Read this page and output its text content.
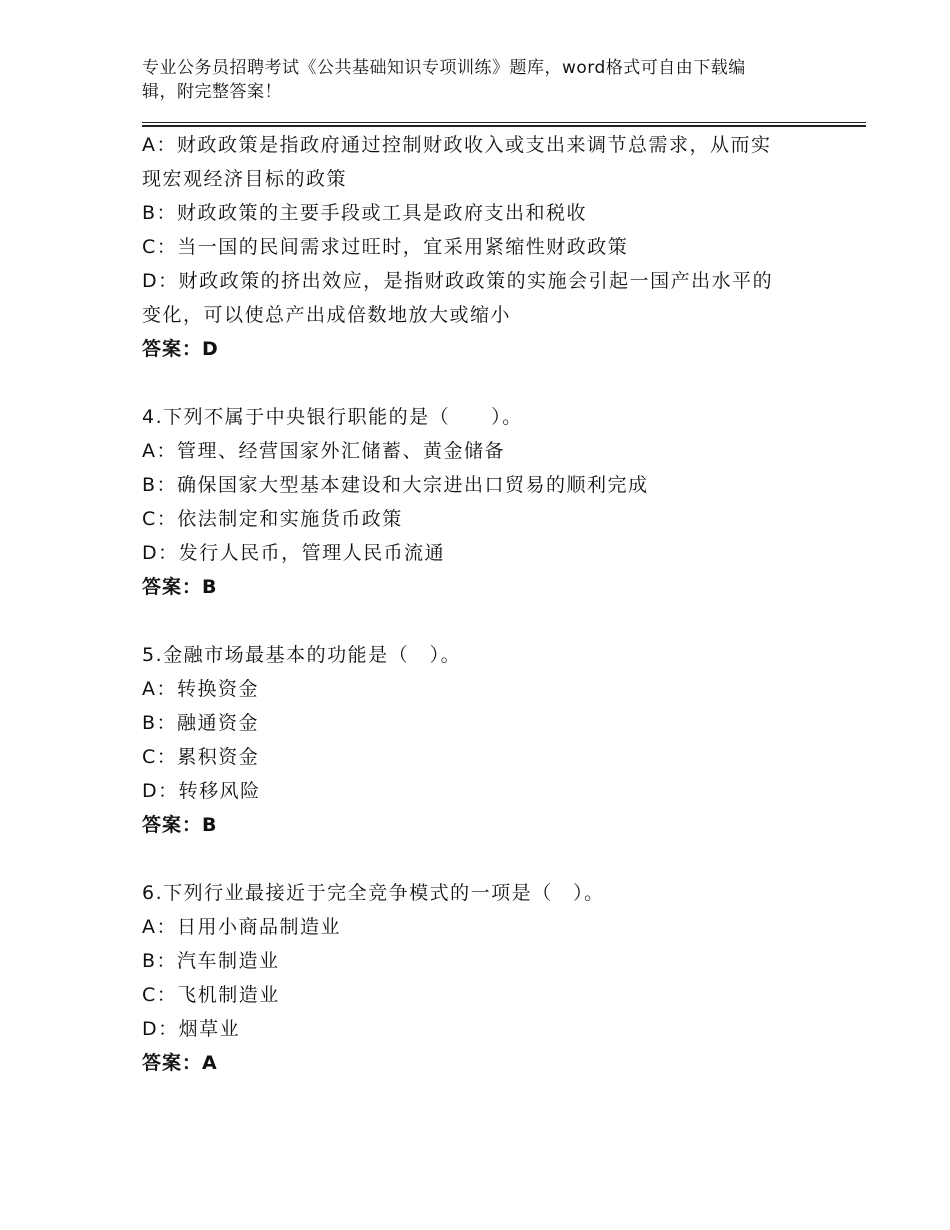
专业公务员招聘考试《公共基础知识专项训练》题库，word格式可自由下载编
辑，附完整答案！
A：财政政策是指政府通过控制财政收入或支出来调节总需求，从而实
现宏观经济目标的政策
B：财政政策的主要手段或工具是政府支出和税收
C：当一国的民间需求过旺时，宜采用紧缩性财政政策
D：财政政策的挤出效应，是指财政政策的实施会引起一国产出水平的
变化，可以使总产出成倍数地放大或缩小
答案：D
4.下列不属于中央银行职能的是（　　）。
A：管理、经营国家外汇储蓄、黄金储备
B：确保国家大型基本建设和大宗进出口贸易的顺利完成
C：依法制定和实施货币政策
D：发行人民币，管理人民币流通
答案：B
5.金融市场最基本的功能是（　）。
A：转换资金
B：融通资金
C：累积资金
D：转移风险
答案：B
6.下列行业最接近于完全竞争模式的一项是（　）。
A：日用小商品制造业
B：汽车制造业
C：飞机制造业
D：烟草业
答案：A
